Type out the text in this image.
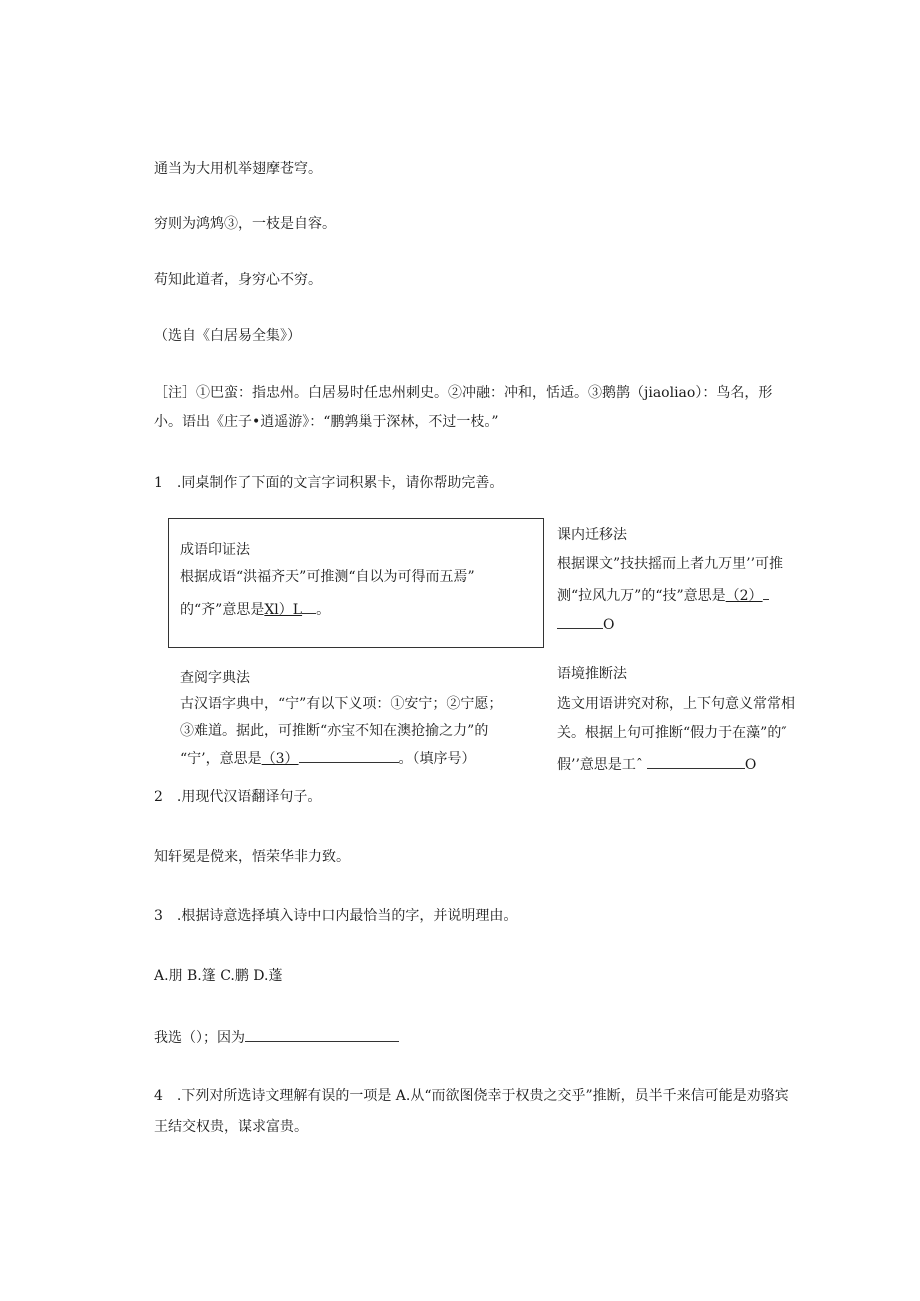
通当为大用机举翅摩苍穹。
穷则为鸿鸩③，一枝是自容。
苟知此道者，身穷心不穷。
（选自《白居易全集》）
［注］①巴蛮：指忠州。白居易时任忠州刺史。②冲融：冲和，恬适。③鹅鹊（jiaoliao）：鸟名，形
小。语出《庄子•逍遥游》：“鹏鹑巢于深林，不过一枝。”
1　.同桌制作了下面的文言字词积累卡，请你帮助完善。
成语印证法
根据成语“洪福齐天”可推测“自以为可得而五焉”
的“齐”意思是Xl）L 。
课内迁移法
根据课文”技扶摇而上者九万里’’可推
测“拉风九万”的“技”意思是（2）
O
查阅字典法
古汉语字典中，“宁”有以下义项：①安宁；②宁愿；
③难道。据此，可推断“亦宝不知在澳抢揄之力”的
“宁’，意思是（3）	。（填序号）
语境推断法
选文用语讲究对称，上下句意义常常相
关。根据上句可推断“假力于在藻”的″
假’’意思是工ˆ	O
2　.用现代汉语翻译句子。
知轩冕是傥来，悟荣华非力致。
3　.根据诗意选择填入诗中口内最恰当的字，并说明理由。
A.朋 B.篷 C.鹏 D.蓬
我选（）；因为
4　.下列对所选诗文理解有误的一项是 A.从“而欲图侥幸于权贵之交乎”推断，员半千来信可能是劝骆宾
王结交权贵，谋求富贵。
